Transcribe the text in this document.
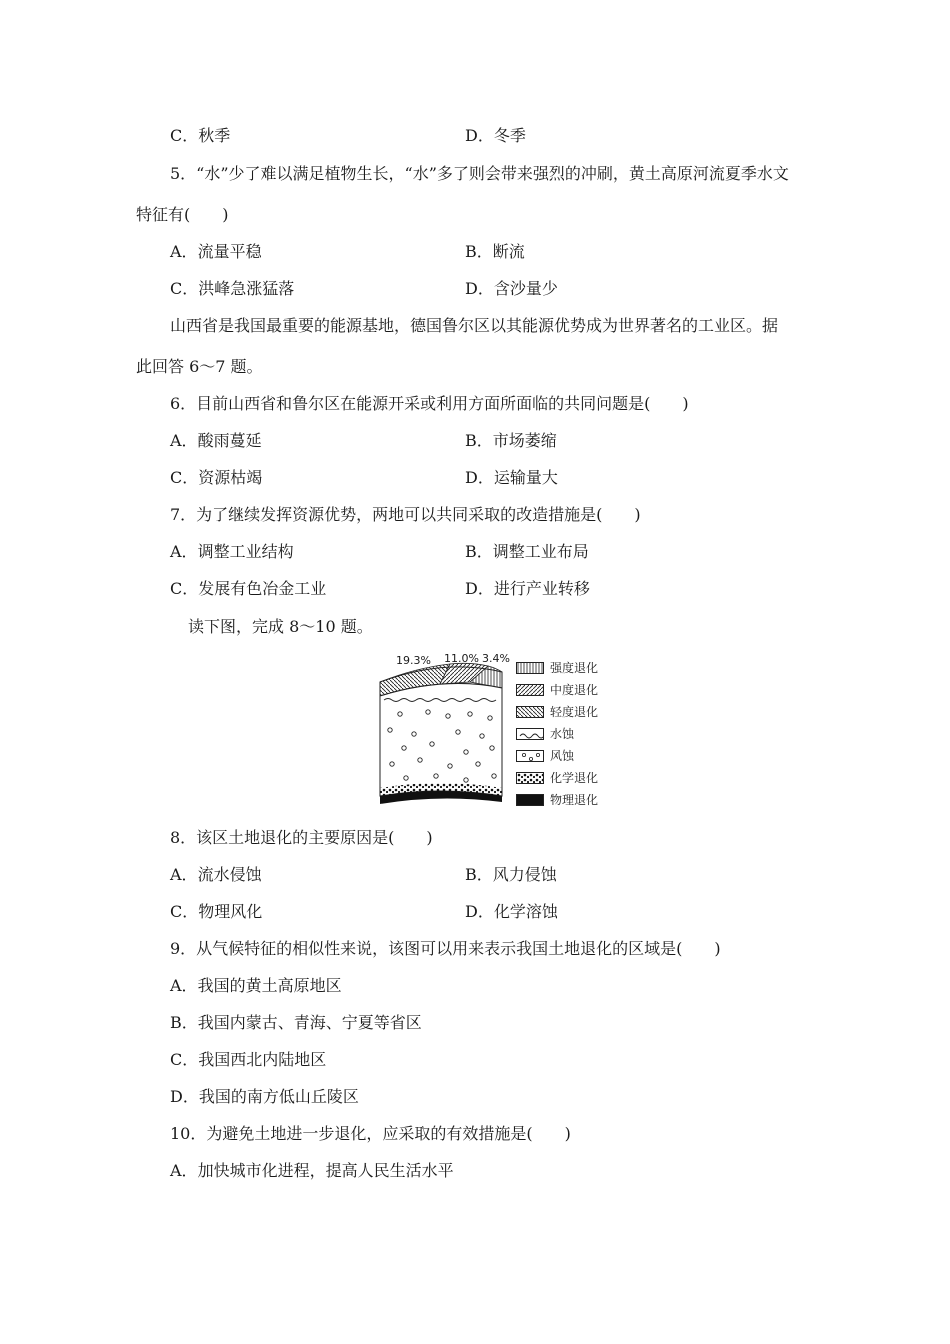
C．秋季	D．冬季
5．“水”少了难以满足植物生长，“水”多了则会带来强烈的冲刷，黄土高原河流夏季水文
特征有(　　)
A．流量平稳	B．断流
C．洪峰急涨猛落	D．含沙量少
山西省是我国最重要的能源基地，德国鲁尔区以其能源优势成为世界著名的工业区。据
此回答 6～7 题。
6．目前山西省和鲁尔区在能源开采或利用方面所面临的共同问题是(　　)
A．酸雨蔓延	B．市场萎缩
C．资源枯竭	D．运输量大
7．为了继续发挥资源优势，两地可以共同采取的改造措施是(　　)
A．调整工业结构	B．调整工业布局
C．发展有色冶金工业	D．进行产业转移
读下图，完成 8～10 题。
19.3% 11.0% 3.4%
强度退化
中度退化
轻度退化
水蚀
风蚀
化学退化
物理退化
8．该区土地退化的主要原因是(　　)
A．流水侵蚀	B．风力侵蚀
C．物理风化	D．化学溶蚀
9．从气候特征的相似性来说，该图可以用来表示我国土地退化的区域是(　　)
A．我国的黄土高原地区
B．我国内蒙古、青海、宁夏等省区
C．我国西北内陆地区
D．我国的南方低山丘陵区
10．为避免土地进一步退化，应采取的有效措施是(　　)
A．加快城市化进程，提高人民生活水平
